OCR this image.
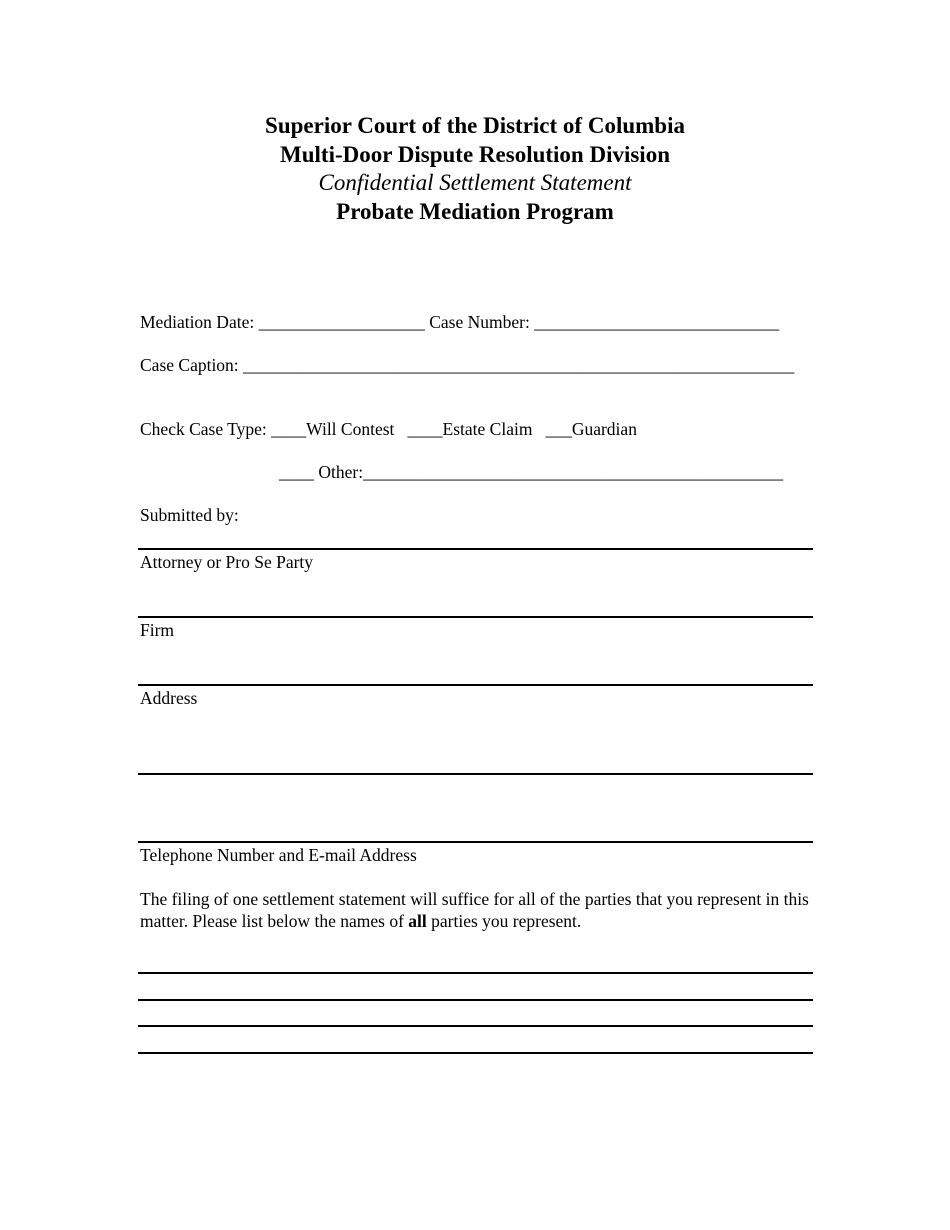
Superior Court of the District of Columbia
Multi-Door Dispute Resolution Division
Confidential Settlement Statement
Probate Mediation Program
Mediation Date: ___________________ Case Number: ____________________________
Case Caption: _______________________________________________________________
Check Case Type: ____Will Contest ____Estate Claim ___Guardian
____ Other:________________________________________________
Submitted by:
Attorney or Pro Se Party
Firm
Address
Telephone Number and E-mail Address
The filing of one settlement statement will suffice for all of the parties that you represent in this matter. Please list below the names of all parties you represent.
